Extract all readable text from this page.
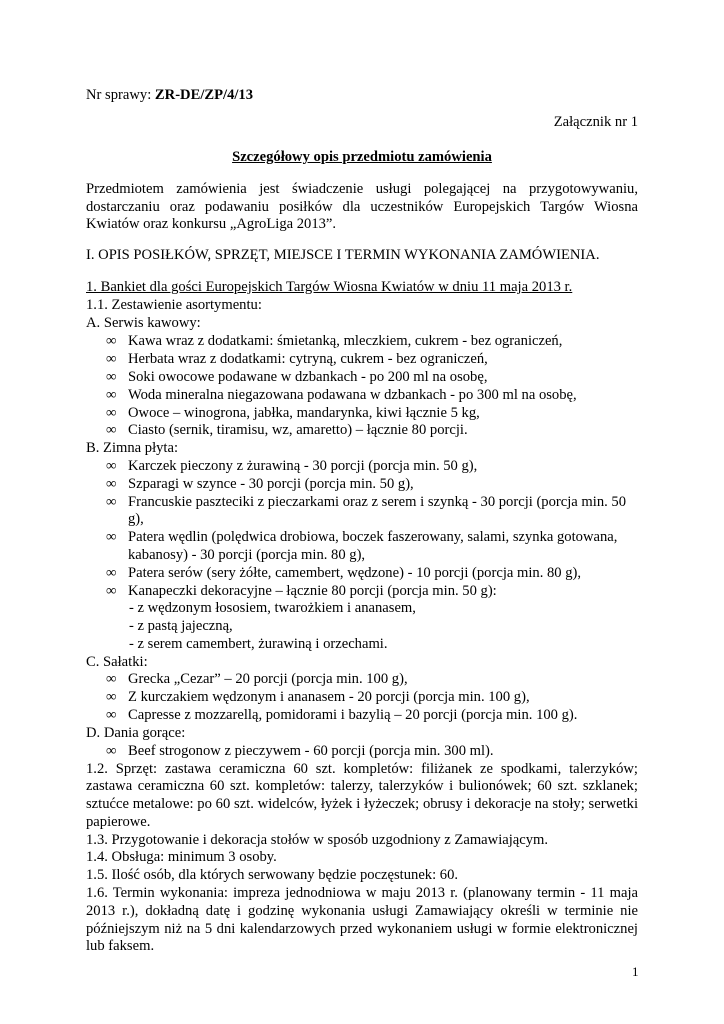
Nr sprawy: ZR-DE/ZP/4/13
Załącznik nr 1
Szczegółowy opis przedmiotu zamówienia
Przedmiotem zamówienia jest świadczenie usługi polegającej na przygotowywaniu,
dostarczaniu oraz podawaniu posiłków dla uczestników Europejskich Targów Wiosna
Kwiatów oraz konkursu „AgroLiga 2013”.
I. OPIS POSIŁKÓW, SPRZĘT, MIEJSCE I TERMIN WYKONANIA ZAMÓWIENIA.
1. Bankiet dla gości Europejskich Targów Wiosna Kwiatów w dniu 11 maja 2013 r.
1.1. Zestawienie asortymentu:
A. Serwis kawowy:
∞ Kawa wraz z dodatkami: śmietanką, mleczkiem, cukrem - bez ograniczeń,
∞ Herbata wraz z dodatkami: cytryną, cukrem - bez ograniczeń,
∞ Soki owocowe podawane w dzbankach - po 200 ml na osobę,
∞ Woda mineralna niegazowana podawana w dzbankach - po 300 ml na osobę,
∞ Owoce – winogrona, jabłka, mandarynka, kiwi łącznie 5 kg,
∞ Ciasto (sernik, tiramisu, wz, amaretto) – łącznie 80 porcji.
B. Zimna płyta:
∞ Karczek pieczony z żurawiną - 30 porcji (porcja min. 50 g),
∞ Szparagi w szynce - 30 porcji (porcja min. 50 g),
∞ Francuskie paszteciki z pieczarkami oraz z serem i szynką - 30 porcji (porcja min. 50
g),
∞ Patera wędlin (polędwica drobiowa, boczek faszerowany, salami, szynka gotowana,
kabanosy) - 30 porcji (porcja min. 80 g),
∞ Patera serów (sery żółte, camembert, wędzone) - 10 porcji (porcja min. 80 g),
∞ Kanapeczki dekoracyjne – łącznie 80 porcji (porcja min. 50 g):
- z wędzonym łososiem, twarożkiem i ananasem,
- z pastą jajeczną,
- z serem camembert, żurawiną i orzechami.
C. Sałatki:
∞ Grecka „Cezar” – 20 porcji (porcja min. 100 g),
∞ Z kurczakiem wędzonym i ananasem - 20 porcji (porcja min. 100 g),
∞ Capresse z mozzarellą, pomidorami i bazylią – 20 porcji (porcja min. 100 g).
D. Dania gorące:
∞ Beef strogonow z pieczywem - 60 porcji (porcja min. 300 ml).
1.2. Sprzęt: zastawa ceramiczna 60 szt. kompletów: filiżanek ze spodkami, talerzyków;
zastawa ceramiczna 60 szt. kompletów: talerzy, talerzyków i bulionówek; 60 szt. szklanek;
sztućce metalowe: po 60 szt. widelców, łyżek i łyżeczek; obrusy i dekoracje na stoły; serwetki
papierowe.
1.3. Przygotowanie i dekoracja stołów w sposób uzgodniony z Zamawiającym.
1.4. Obsługa: minimum 3 osoby.
1.5. Ilość osób, dla których serwowany będzie poczęstunek: 60.
1.6. Termin wykonania: impreza jednodniowa w maju 2013 r. (planowany termin - 11 maja
2013 r.), dokładną datę i godzinę wykonania usługi Zamawiający określi w terminie nie
późniejszym niż na 5 dni kalendarzowych przed wykonaniem usługi w formie elektronicznej
lub faksem.
1
